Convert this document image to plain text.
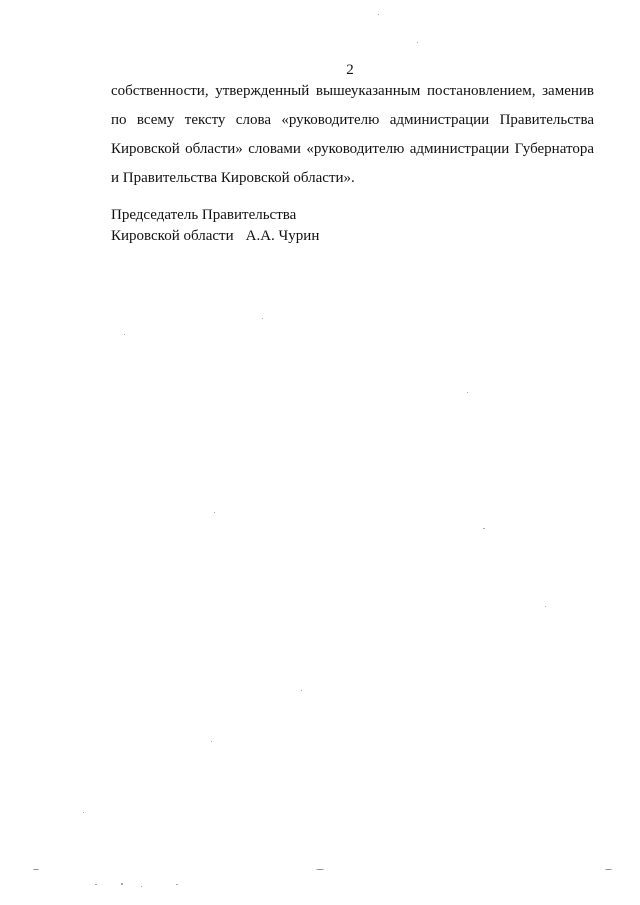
2
собственности, утвержденный вышеуказанным постановлением, заменив
по всему тексту слова «руководителю администрации Правительства
Кировской области» словами «руководителю администрации Губернатора
и Правительства Кировской области».
Председатель Правительства
Кировской области А.А. Чурин
